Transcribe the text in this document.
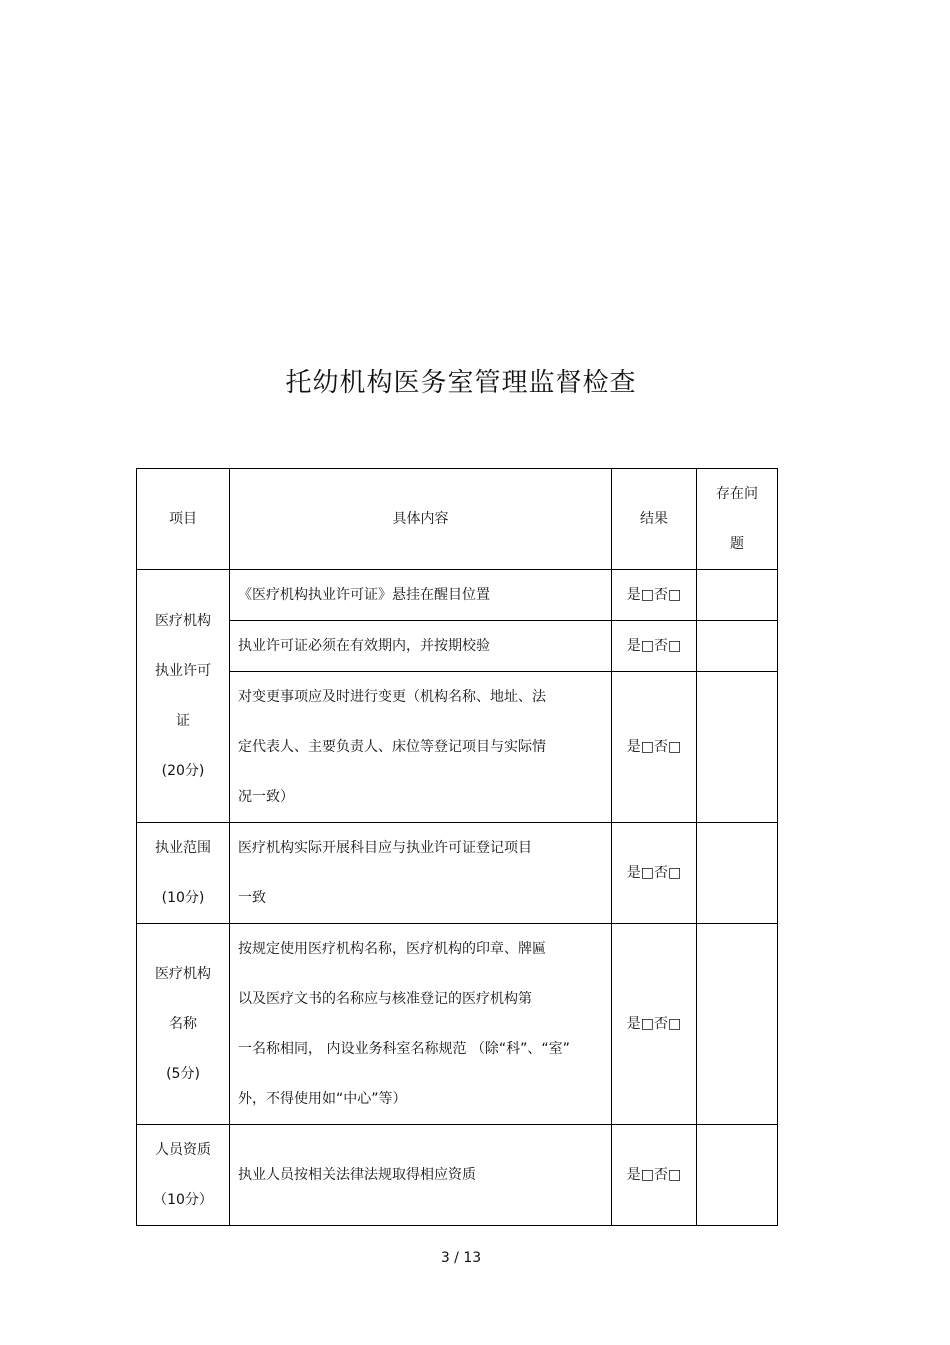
托幼机构医务室管理监督检查
项目	具体内容	结果	存在问
题

医疗机构
执业许可
证
(20分)	《医疗机构执业许可证》悬挂在醒目位置	是□否□	

	执业许可证必须在有效期内，并按期校验	是□否□	

	对变更事项应及时进行变更（机构名称、地址、法
定代表人、主要负责人、床位等登记项目与实际情
况一致）	是□否□	

执业范围
(10分)	医疗机构实际开展科目应与执业许可证登记项目
一致	是□否□	

医疗机构
名称
(5分)	按规定使用医疗机构名称，医疗机构的印章、牌匾
以及医疗文书的名称应与核准登记的医疗机构第
一名称相同， 内设业务科室名称规范 （除“科”、“室”
外，不得使用如“中心”等）	是□否□	

人员资质
（10分）	执业人员按相关法律法规取得相应资质	是□否□	
3 / 13
